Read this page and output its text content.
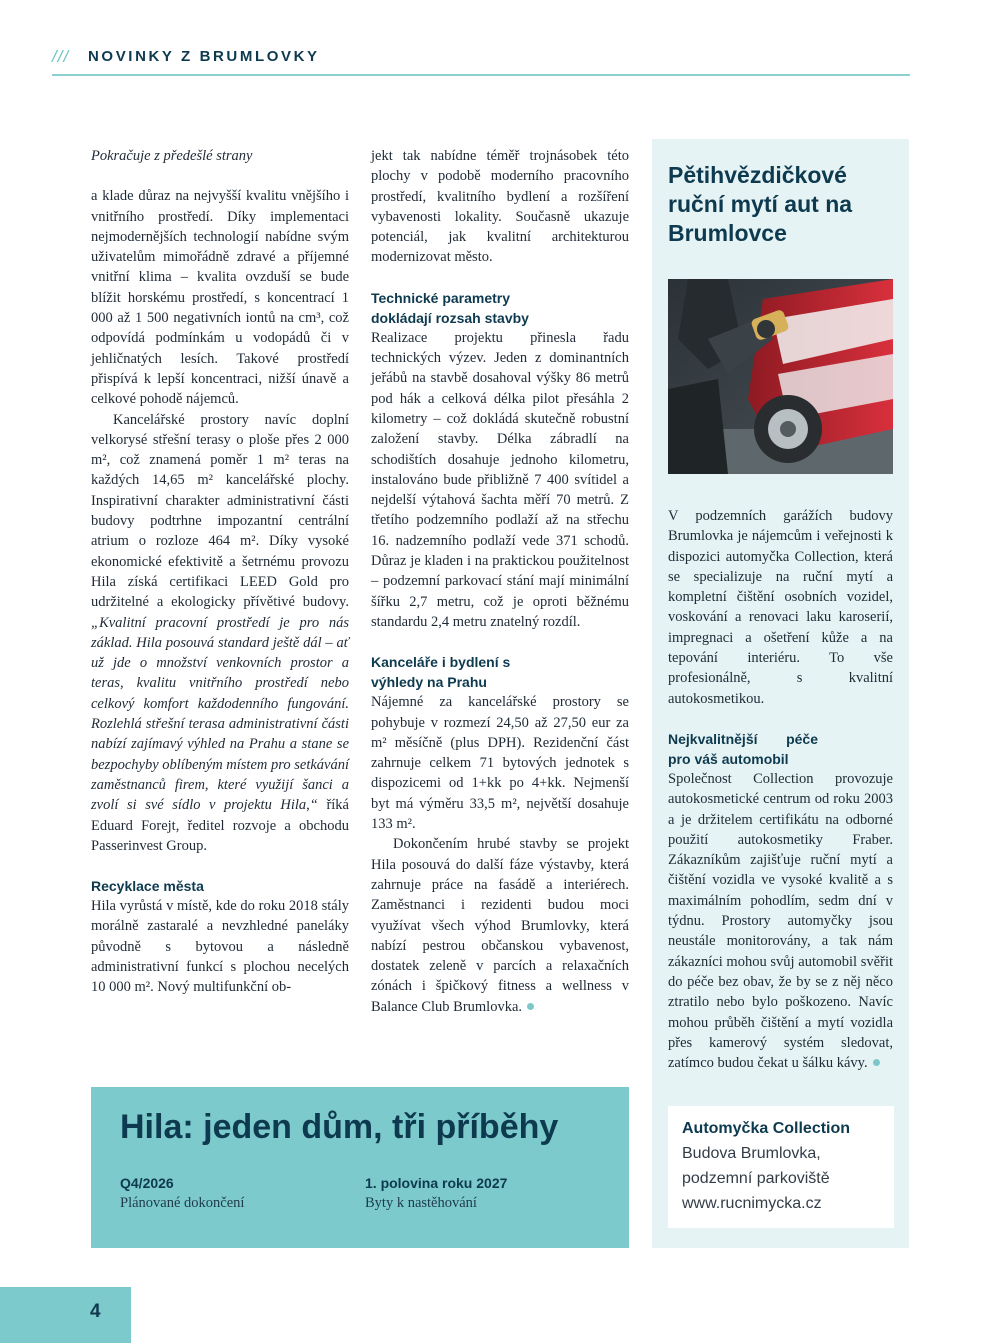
/// NOVINKY Z BRUMLOVKY

Pokračuje z předešlé strany

a klade důraz na nejvyšší kvalitu vnějšího i vnitřního prostředí. Díky implementaci nejmodernějších technologií nabídne svým uživatelům mimořádně zdravé a příjemné vnitřní klima – kvalita ovzduší se bude blížit horskému prostředí, s koncentrací 1 000 až 1 500 negativních iontů na cm³, což odpovídá podmínkám u vodopádů či v jehličnatých lesích. Takové prostředí přispívá k lepší koncentraci, nižší únavě a celkové pohodě nájemců.

Kancelářské prostory navíc doplní velkorysé střešní terasy o ploše přes 2 000 m², což znamená poměr 1 m² teras na každých 14,65 m² kancelářské plochy. Inspirativní charakter administrativní části budovy podtrhne impozantní centrální atrium o rozloze 464 m². Díky vysoké ekonomické efektivitě a šetrnému provozu Hila získá certifikaci LEED Gold pro udržitelné a ekologicky přívětivé budovy. „Kvalitní pracovní prostředí je pro nás základ. Hila posouvá standard ještě dál – ať už jde o množství venkovních prostor a teras, kvalitu vnitřního prostředí nebo celkový komfort každodenního fungování. Rozlehlá střešní terasa administrativní části nabízí zajímavý výhled na Prahu a stane se bezpochyby oblíbeným místem pro setkávání zaměstnanců firem, které využijí šanci a zvolí si své sídlo v projektu Hila,“ říká Eduard Forejt, ředitel rozvoje a obchodu Passerinvest Group.

Recyklace města

Hila vyrůstá v místě, kde do roku 2018 stály morálně zastaralé a nevzhledné paneláky původně s bytovou a následně administrativní funkcí s plochou necelých 10 000 m². Nový multifunkční ob-

jekt tak nabídne téměř trojnásobek této plochy v podobě moderního pracovního prostředí, kvalitního bydlení a rozšíření vybavenosti lokality. Současně ukazuje potenciál, jak kvalitní architekturou modernizovat město.

Technické parametry dokládají rozsah stavby

Realizace projektu přinesla řadu technických výzev. Jeden z dominantních jeřábů na stavbě dosahoval výšky 86 metrů pod hák a celková délka pilot přesáhla 2 kilometry – což dokládá skutečně robustní založení stavby. Délka zábradlí na schodištích dosahuje jednoho kilometru, instalováno bude přibližně 7 400 svítidel a nejdelší výtahová šachta měří 70 metrů. Z třetího podzemního podlaží až na střechu 16. nadzemního podlaží vede 371 schodů. Důraz je kladen i na praktickou použitelnost – podzemní parkovací stání mají minimální šířku 2,7 metru, což je oproti běžnému standardu 2,4 metru znatelný rozdíl.

Kanceláře i bydlení s výhledy na Prahu

Nájemné za kancelářské prostory se pohybuje v rozmezí 24,50 až 27,50 eur za m² měsíčně (plus DPH). Rezidenční část zahrnuje celkem 71 bytových jednotek s dispozicemi od 1+kk po 4+kk. Nejmenší byt má výměru 33,5 m², největší dosahuje 133 m².

Dokončením hrubé stavby se projekt Hila posouvá do další fáze výstavby, která zahrnuje práce na fasádě a interiérech. Zaměstnanci i rezidenti budou moci využívat všech výhod Brumlovky, která nabízí pestrou občanskou vybavenost, dostatek zeleně v parcích a relaxačních zónách i špičkový fitness a wellness v Balance Club Brumlovka.

Pětihvězdičkové ruční mytí aut na Brumlovce

V podzemních garážích budovy Brumlovka je nájemcům i veřejnosti k dispozici automyčka Collection, která se specializuje na ruční mytí a kompletní čištění osobních vozidel, voskování a renovaci laku karoserií, impregnaci a ošetření kůže a na tepování interiéru. To vše profesionálně, s kvalitní autokosmetikou.

Nejkvalitnější péče pro váš automobil

Společnost Collection provozuje autokosmetické centrum od roku 2003 a je držitelem certifikátu na odborné použití autokosmetiky Fraber. Zákazníkům zajišťuje ruční mytí a čištění vozidla ve vysoké kvalitě a s maximálním pohodlím, sedm dní v týdnu. Prostory automyčky jsou neustále monitorovány, a tak nám zákazníci mohou svůj automobil svěřit do péče bez obav, že by se z něj něco ztratilo nebo bylo poškozeno. Navíc mohou průběh čištění a mytí vozidla přes kamerový systém sledovat, zatímco budou čekat u šálku kávy.

Automyčka Collection
Budova Brumlovka,
podzemní parkoviště
www.rucnimycka.cz
Hila: jeden dům, tři příběhy
Q4/2026
Plánované dokončení
1. polovina roku 2027
Byty k nastěhování
4
